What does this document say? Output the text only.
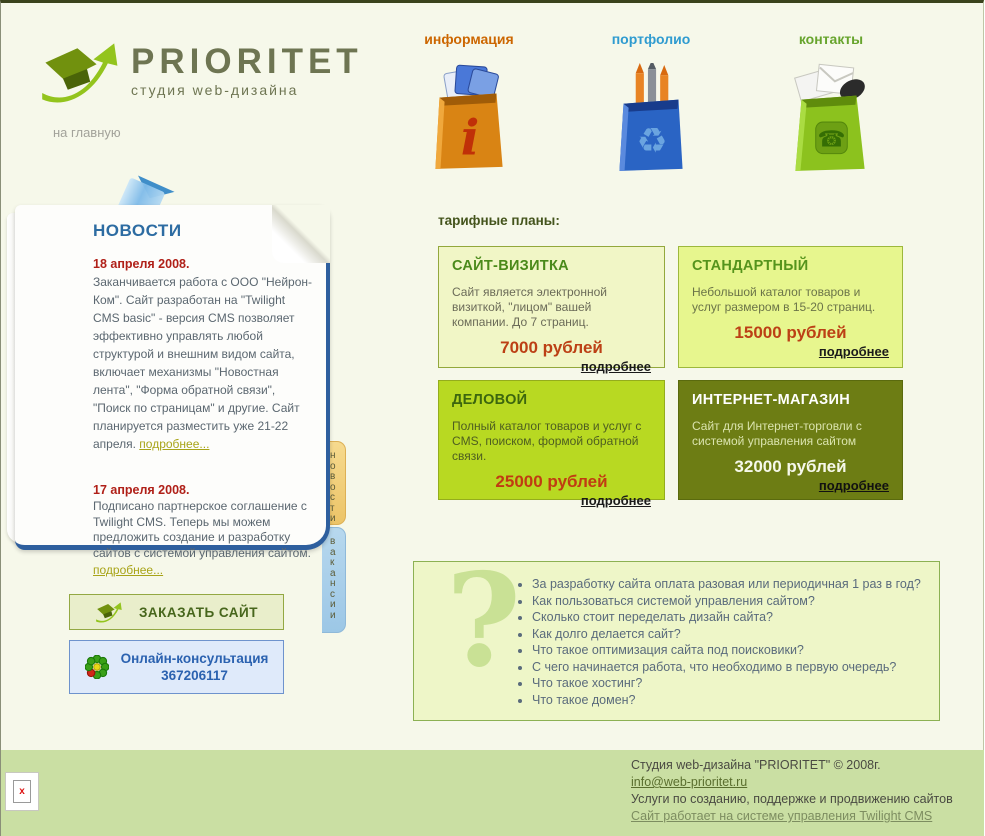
PRIORITET
студия web-дизайна
на главную
информация
i
портфолио
♻
контакты
☎
новости
вакансии
НОВОСТИ
18 апреля 2008.
Заканчивается работа с ООО "Нейрон-Ком". Сайт разработан на "Twilight CMS basic" - версия CMS позволяет эффективно управлять любой структурой и внешним видом сайта, включает механизмы "Новостная лента", "Форма обратной связи", "Поиск по страницам" и другие. Сайт планируется разместить уже 21-22 апреля. подробнее...
17 апреля 2008.
Подписано партнерское соглашение с Twilight CMS. Теперь мы можем предложить создание и разработку сайтов с системой управления сайтом.
подробнее...
тарифные планы:
САЙТ-ВИЗИТКА
Сайт является электронной визиткой, "лицом" вашей компании. До 7 страниц.
7000 рублей
подробнее
СТАНДАРТНЫЙ
Небольшой каталог товаров и услуг размером в 15-20 страниц.
15000 рублей
подробнее
ДЕЛОВОЙ
Полный каталог товаров и услуг с CMS, поиском, формой обратной связи.
25000 рублей
подробнее
ИНТЕРНЕТ-МАГАЗИН
Сайт для Интернет-торговли с системой управления сайтом
32000 рублей
подробнее
ЗАКАЗАТЬ САЙТ
Онлайн-консультация
367206117	? • За разработку сайта оплата разовая или периодичная 1 раз в год?
• Как пользоваться системой управления сайтом?
• Сколько стоит переделать дизайн сайта?
• Как долго делается сайт?
• Что такое оптимизация сайта под поисковики?
• С чего начинается работа, что необходимо в первую очередь?
• Что такое хостинг?
• Что такое домен?
Студия web-дизайна "PRIORITET" © 2008г.
info@web-prioritet.ru
Услуги по созданию, поддержке и продвижению сайтов
Сайт работает на системе управления Twilight CMS
x
